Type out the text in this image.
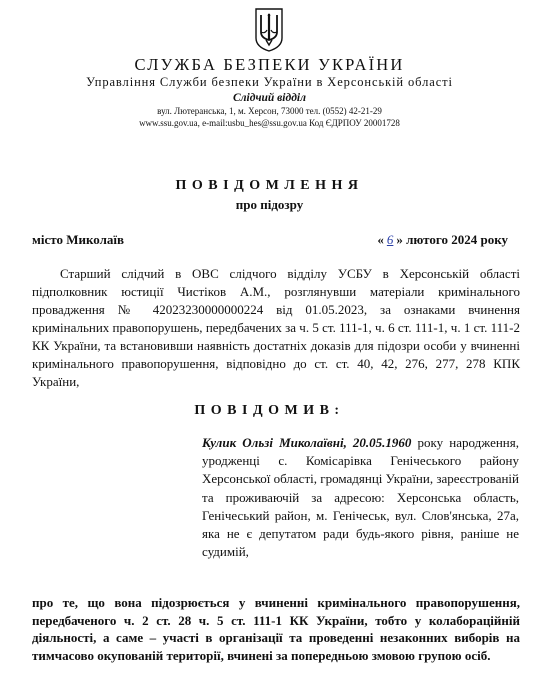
СЛУЖБА БЕЗПЕКИ УКРАЇНИ
Управління Служби безпеки України в Херсонській області
Слідчий відділ
вул. Лютеранська, 1, м. Херсон, 73000 тел. (0552) 42-21-29
www.ssu.gov.ua, e-mail:usbu_hes@ssu.gov.ua Код ЄДРПОУ 20001728
ПОВІДОМЛЕННЯ
про підозру
місто Миколаїв	« 6 » лютого 2024 року
Старший слідчий в ОВС слідчого відділу УСБУ в Херсонській області підполковник юстиції Чистіков А.М., розглянувши матеріали кримінального провадження № 42023230000000224 від 01.05.2023, за ознаками вчинення кримінальних правопорушень, передбачених за ч. 5 ст. 111-1, ч. 6 ст. 111-1, ч. 1 ст. 111-2 КК України, та встановивши наявність достатніх доказів для підозри особи у вчиненні кримінального правопорушення, відповідно до ст. ст. 40, 42, 276, 277, 278 КПК України,
ПОВІДОМИВ:
Кулик Ользі Миколаївні, 20.05.1960 року народження, уродженці с. Комісарівка Генічеського району Херсонської області, громадянці України, зареєстрованій та проживаючій за адресою: Херсонська область, Генічеський район, м. Генічеськ, вул. Слов'янська, 27а, яка не є депутатом ради будь-якого рівня, раніше не судимій,
про те, що вона підозрюється у вчиненні кримінального правопорушення, передбаченого ч. 2 ст. 28 ч. 5 ст. 111-1 КК України, тобто у колабораційній діяльності, а саме – участі в організації та проведенні незаконних виборів на тимчасово окупованій території, вчинені за попередньою змовою групою осіб.
